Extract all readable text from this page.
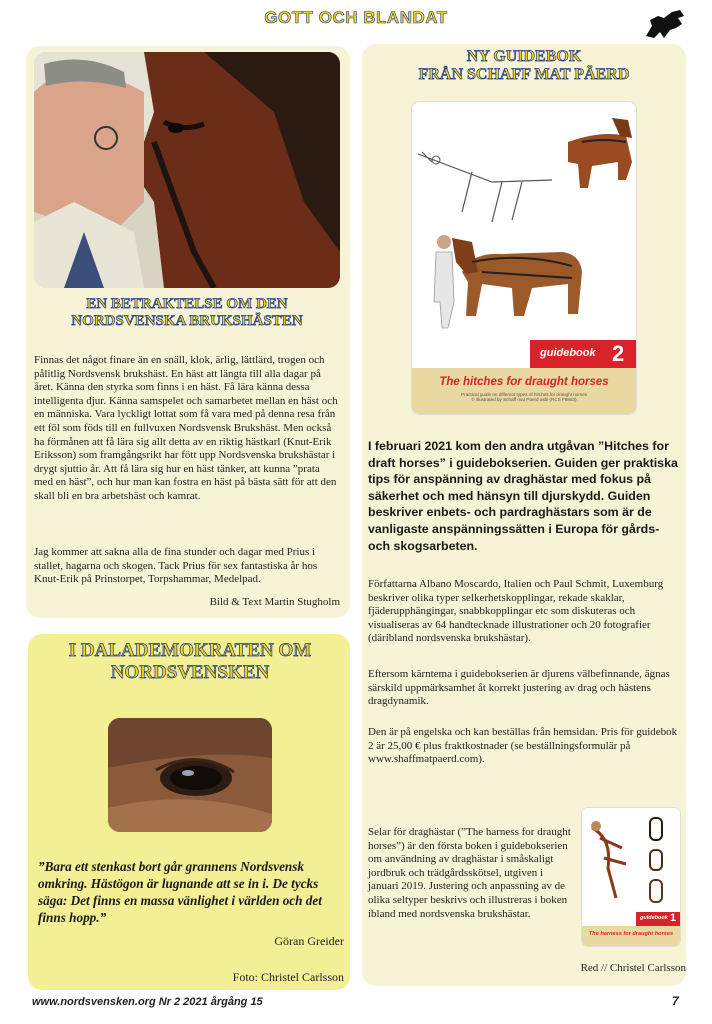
GOTT OCH BLANDAT
EN BETRAKTELSE OM DEN
NORDSVENSKA BRUKSHÄSTEN
Finnas det något finare än en snäll, klok, ärlig, lättlärd, trogen och pålitlig Nordsvensk brukshäst. En häst att längta till alla dagar på året. Känna den styrka som finns i en häst. Få lära känna dessa intelligenta djur. Känna samspelet och samarbetet mellan en häst och en människa. Vara lyckligt lottat som få vara med på denna resa från ett föl som föds till en fullvuxen Nordsvensk Brukshäst. Men också ha förmånen att få lära sig allt detta av en riktig hästkarl (Knut-Erik Eriksson) som framgångsrikt har fött upp Nordsvenska brukshästar i drygt sjuttio år. Att få lära sig hur en häst tänker, att kunna ”prata med en häst”, och hur man kan fostra en häst på bästa sätt för att den skall bli en bra arbetshäst och kamrat.
Jag kommer att sakna alla de fina stunder och dagar med Prius i stallet, hagarna och skogen. Tack Prius för sex fantastiska år hos Knut-Erik på Prinstorpet, Torpshammar, Medelpad.
Bild & Text Martin Stugholm
I DALADEMOKRATEN OM
NORDSVENSKEN
”Bara ett stenkast bort går grannens Nordsvensk omkring. Hästögon är lugnande att se in i. De tycks säga: Det finns en massa vänlighet i världen och det finns hopp.”
Göran Greider
Foto: Christel Carlsson
NY GUIDEBOK
FRÅN SCHAFF MAT PÄERD
guidebook 2
The hitches for draught horses
Practical guide on different types of hitches for draught horses
© illustrated by Schaff mat Päerd asbl (RCS F8863)
I februari 2021 kom den andra utgåvan ”Hitches for draft horses” i guidebokserien. Guiden ger praktiska tips för anspänning av draghästar med fokus på säkerhet och med hänsyn till djurskydd. Guiden beskriver enbets- och pardraghästars som är de vanligaste anspänningssätten i Europa för gårds- och skogsarbeten.
Författarna Albano Moscardo, Italien och Paul Schmit, Luxemburg beskriver olika typer selkerhetskopplingar, rekade skaklar, fjäderupphängingar, snabbkopplingar etc som diskuteras och visualiseras av 64 handtecknade illustrationer och 20 fotografier (däribland nordsvenska brukshästar).
Eftersom kärntema i guidebokserien är djurens välbefinnande, ägnas särskild uppmärksamhet åt korrekt justering av drag och hästens dragdynamik.
Den är på engelska och kan beställas från hemsidan. Pris för guidebok 2 är 25,00 € plus fraktkostnader (se beställningsformulär på www.shaffmatpaerd.com).
Selar för draghästar (”The harness for draught horses”) är den första boken i guidebokserien om användning av draghästar i småskaligt jordbruk och trädgårdsskötsel, utgiven i januari 2019. Justering och anpassning av de olika seltyper beskrivs och illustreras i boken ibland med nordsvenska brukshästar.	guidebook 1
The harness for draught horses
Red // Christel Carlsson
www.nordsvensken.org Nr 2 2021 årgång 15	7
